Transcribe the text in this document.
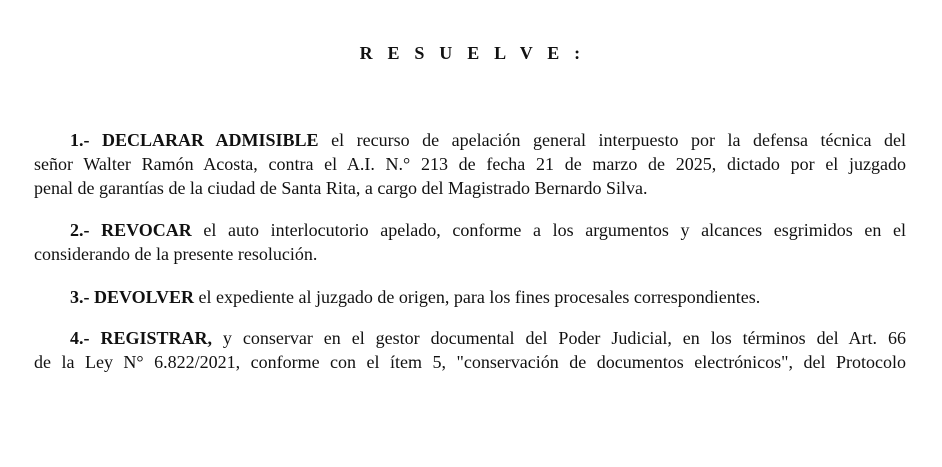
R E S U E L V E :
1.- DECLARAR ADMISIBLE el recurso de apelación general interpuesto por la defensa técnica del
señor Walter Ramón Acosta, contra el A.I. N.° 213 de fecha 21 de marzo de 2025, dictado por el juzgado
penal de garantías de la ciudad de Santa Rita, a cargo del Magistrado Bernardo Silva.
2.- REVOCAR el auto interlocutorio apelado, conforme a los argumentos y alcances esgrimidos en el
considerando de la presente resolución.
3.- DEVOLVER el expediente al juzgado de origen, para los fines procesales correspondientes.
4.- REGISTRAR, y conservar en el gestor documental del Poder Judicial, en los términos del Art. 66
de la Ley N° 6.822/2021, conforme con el ítem 5, "conservación de documentos electrónicos", del Protocolo
